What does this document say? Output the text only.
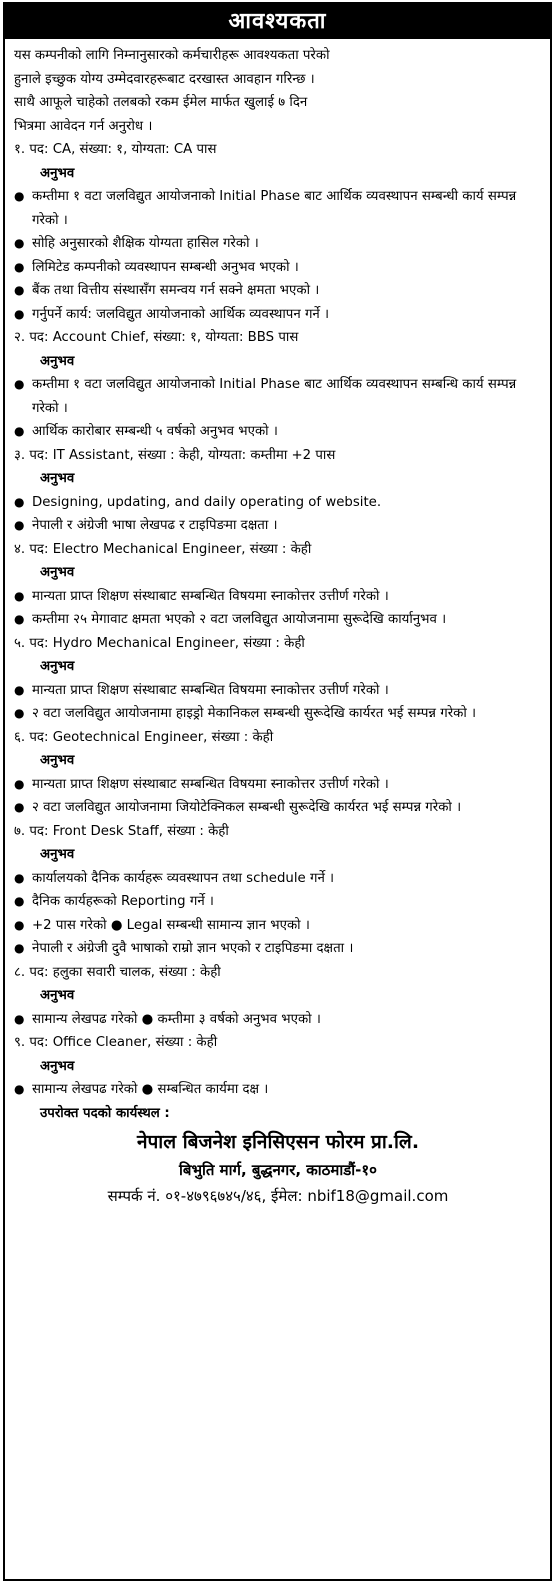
आवश्यकता

यस कम्पनीको लागि निम्नानुसारको कर्मचारीहरू आवश्यकता परेको

हुनाले इच्छुक योग्य उम्मेदवारहरूबाट दरखास्त आवहान गरिन्छ ।

साथै आफूले चाहेको तलबको रकम ईमेल मार्फत खुलाई ७ दिन

भित्रमा आवेदन गर्न अनुरोध ।

१. पद: CA, संख्या: १, योग्यता: CA पास
अनुभव
● कम्तीमा १ वटा जलविद्युत आयोजनाको Initial Phase बाट आर्थिक व्यवस्थापन सम्बन्धी कार्य सम्पन्न गरेको ।
● सोहि अनुसारको शैक्षिक योग्यता हासिल गरेको ।
● लिमिटेड कम्पनीको व्यवस्थापन सम्बन्धी अनुभव भएको ।
● बैंक तथा वित्तीय संस्थासँग समन्वय गर्न सक्ने क्षमता भएको ।
● गर्नुपर्ने कार्य: जलविद्युत आयोजनाको आर्थिक व्यवस्थापन गर्ने ।
२. पद: Account Chief, संख्या: १, योग्यता: BBS पास
अनुभव
● कम्तीमा १ वटा जलविद्युत आयोजनाको Initial Phase बाट आर्थिक व्यवस्थापन सम्बन्धि कार्य सम्पन्न गरेको ।
● आर्थिक कारोबार सम्बन्धी ५ वर्षको अनुभव भएको ।
३. पद: IT Assistant, संख्या : केही, योग्यता: कम्तीमा +2 पास
अनुभव
● Designing, updating, and daily operating of website.
● नेपाली र अंग्रेजी भाषा लेखपढ र टाइपिङमा दक्षता ।
४. पद: Electro Mechanical Engineer, संख्या : केही
अनुभव
● मान्यता प्राप्त शिक्षण संस्थाबाट सम्बन्धित विषयमा स्नाकोत्तर उत्तीर्ण गरेको ।
● कम्तीमा २५ मेगावाट क्षमता भएको २ वटा जलविद्युत आयोजनामा सुरूदेखि कार्यानुभव ।
५. पद: Hydro Mechanical Engineer, संख्या : केही
अनुभव
● मान्यता प्राप्त शिक्षण संस्थाबाट सम्बन्धित विषयमा स्नाकोत्तर उत्तीर्ण गरेको ।
● २ वटा जलविद्युत आयोजनामा हाइड्रो मेकानिकल सम्बन्धी सुरूदेखि कार्यरत भई सम्पन्न गरेको ।
६. पद: Geotechnical Engineer, संख्या : केही
अनुभव
● मान्यता प्राप्त शिक्षण संस्थाबाट सम्बन्धित विषयमा स्नाकोत्तर उत्तीर्ण गरेको ।
● २ वटा जलविद्युत आयोजनामा जियोटेक्निकल सम्बन्धी सुरूदेखि कार्यरत भई सम्पन्न गरेको ।
७. पद: Front Desk Staff, संख्या : केही
अनुभव
● कार्यालयको दैनिक कार्यहरू व्यवस्थापन तथा schedule गर्ने ।
● दैनिक कार्यहरूको Reporting गर्ने ।
● +2 पास गरेको ● Legal सम्बन्धी सामान्य ज्ञान भएको ।
● नेपाली र अंग्रेजी दुवै भाषाको राम्रो ज्ञान भएको र टाइपिङमा दक्षता ।
८. पद: हलुका सवारी चालक, संख्या : केही
अनुभव
● सामान्य लेखपढ गरेको ● कम्तीमा ३ वर्षको अनुभव भएको ।
९. पद: Office Cleaner, संख्या : केही
अनुभव
● सामान्य लेखपढ गरेको ● सम्बन्धित कार्यमा दक्ष ।
उपरोक्त पदको कार्यस्थल :
नेपाल बिजनेश इनिसिएसन फोरम प्रा.लि.
बिभुति मार्ग, बुद्धनगर, काठमाडौं-१०
सम्पर्क नं. ०१-४७९६७४५/४६, ईमेल: nbif18@gmail.com
